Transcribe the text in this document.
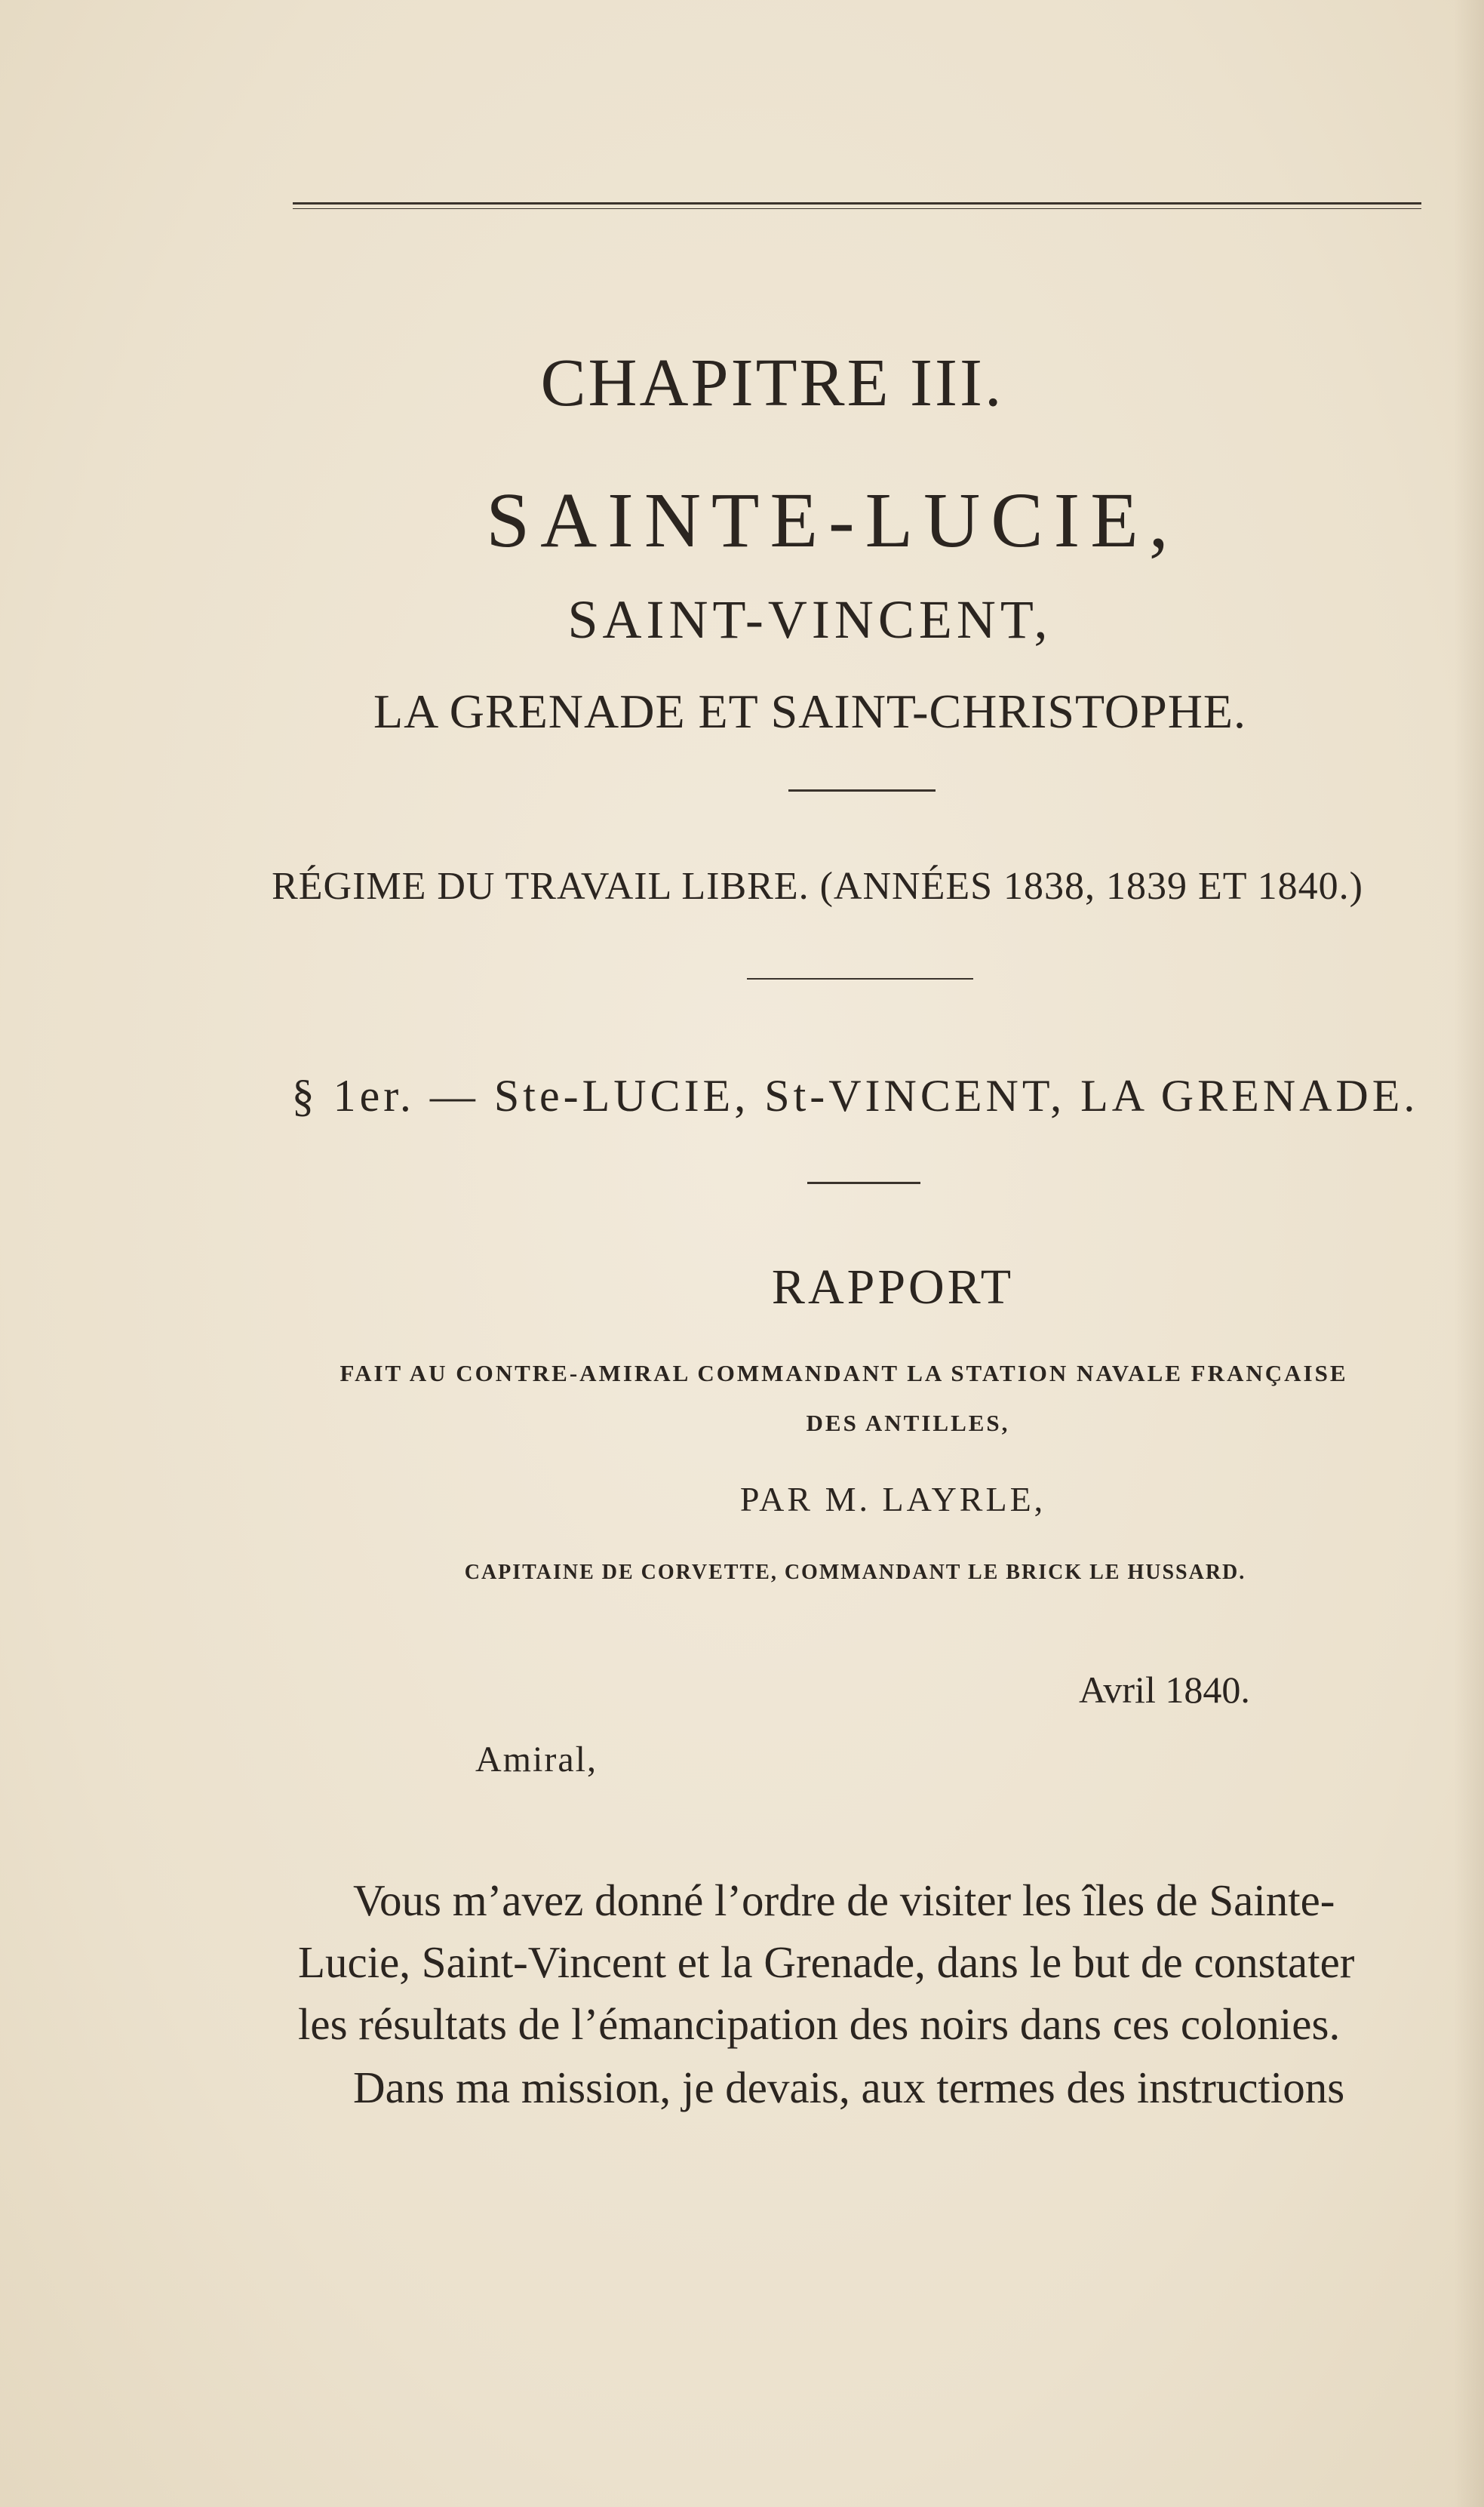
CHAPITRE III.
SAINTE-LUCIE,
SAINT-VINCENT,
LA GRENADE ET SAINT-CHRISTOPHE.
RÉGIME DU TRAVAIL LIBRE. (ANNÉES 1838, 1839 ET 1840.)
§ 1er. — Ste-LUCIE, St-VINCENT, LA GRENADE.
RAPPORT
FAIT AU CONTRE-AMIRAL COMMANDANT LA STATION NAVALE FRANÇAISE
DES ANTILLES,
PAR M. LAYRLE,
CAPITAINE DE CORVETTE, COMMANDANT LE BRICK LE HUSSARD.
Avril 1840.
Amiral,
Vous m’avez donné l’ordre de visiter les îles de Sainte-
Lucie, Saint-Vincent et la Grenade, dans le but de constater
les résultats de l’émancipation des noirs dans ces colonies.
Dans ma mission, je devais, aux termes des instructions
